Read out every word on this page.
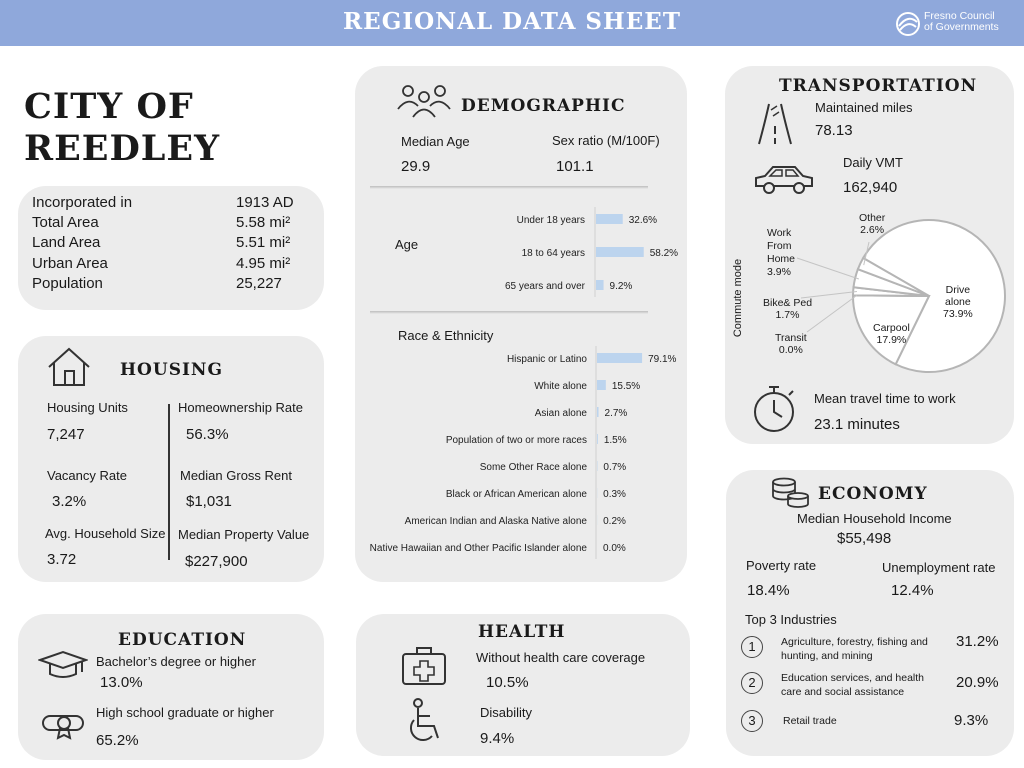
REGIONAL DATA SHEET	Fresno Council
of Governments
CITY OF
REEDLEY
Incorporated in	1913 AD
Total Area	5.58 mi²
Land Area	5.51 mi²
Urban Area	4.95 mi²
Population	25,227
HOUSING
Housing Units
7,247
Vacancy Rate
3.2%
Avg. Household Size
3.72
Homeownership Rate
56.3%
Median Gross Rent
$1,031
Median Property Value
$227,900
EDUCATION
Bachelor’s degree or higher
13.0%
High school graduate or higher
65.2%
DEMOGRAPHIC
Median Age
29.9
Sex ratio (M/100F)
101.1
Age
Under 18 years	32.6%
18 to 64 years	58.2%
65 years and over 9.2%
Race & Ethnicity
Hispanic or Latino	79.1%
White alone 15.5%
Asian alone 2.7%
Population of two or more races 1.5%
Some Other Race alone 0.7%
Black or African American alone 0.3%
American Indian and Alaska Native alone 0.2%
Native Hawaiian and Other Pacific Islander alone 0.0%
HEALTH
Without health care coverage
10.5%
Disability
9.4%
TRANSPORTATION
Maintained miles
78.13
Daily VMT
162,940
Commute mode
Other
2.6%
Work
From
Home
3.9%
Bike& Ped
1.7%
Transit
0.0%
Carpool
17.9%
Drive
alone
73.9%
Mean travel time to work
23.1 minutes
ECONOMY
Median Household Income
$55,498
Poverty rate
18.4%
Unemployment rate
12.4%
Top 3 Industries
1	Agriculture, forestry, fishing and
hunting, and mining
31.2%
2	Education services, and health
care and social assistance
20.9%
3	Retail trade	9.3%
